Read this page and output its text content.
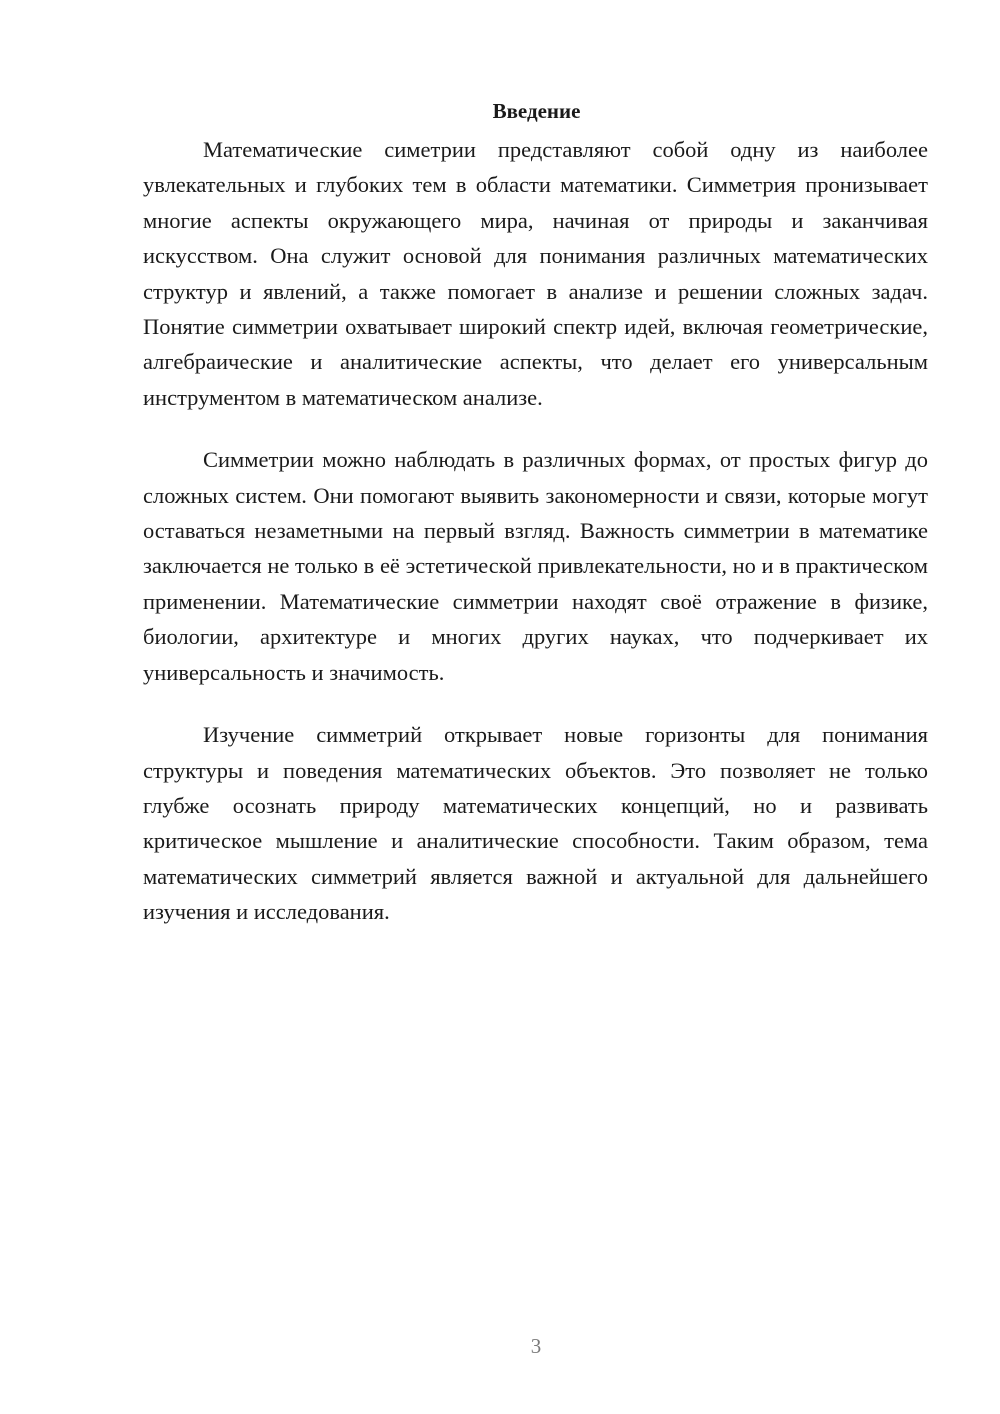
Введение

Математические симетрии представляют собой одну из наиболее увлекательных и глубоких тем в области математики. Симметрия пронизывает многие аспекты окружающего мира, начиная от природы и заканчивая искусством. Она служит основой для понимания различных математических структур и явлений, а также помогает в анализе и решении сложных задач. Понятие симметрии охватывает широкий спектр идей, включая геометрические, алгебраические и аналитические аспекты, что делает его универсальным инструментом в математическом анализе.

Симметрии можно наблюдать в различных формах, от простых фигур до сложных систем. Они помогают выявить закономерности и связи, которые могут оставаться незаметными на первый взгляд. Важность симметрии в математике заключается не только в её эстетической привлекательности, но и в практическом применении. Математические симметрии находят своё отражение в физике, биологии, архитектуре и многих других науках, что подчеркивает их универсальность и значимость.

Изучение симметрий открывает новые горизонты для понимания структуры и поведения математических объектов. Это позволяет не только глубже осознать природу математических концепций, но и развивать критическое мышление и аналитические способности. Таким образом, тема математических симметрий является важной и актуальной для дальнейшего изучения и исследования.

3
